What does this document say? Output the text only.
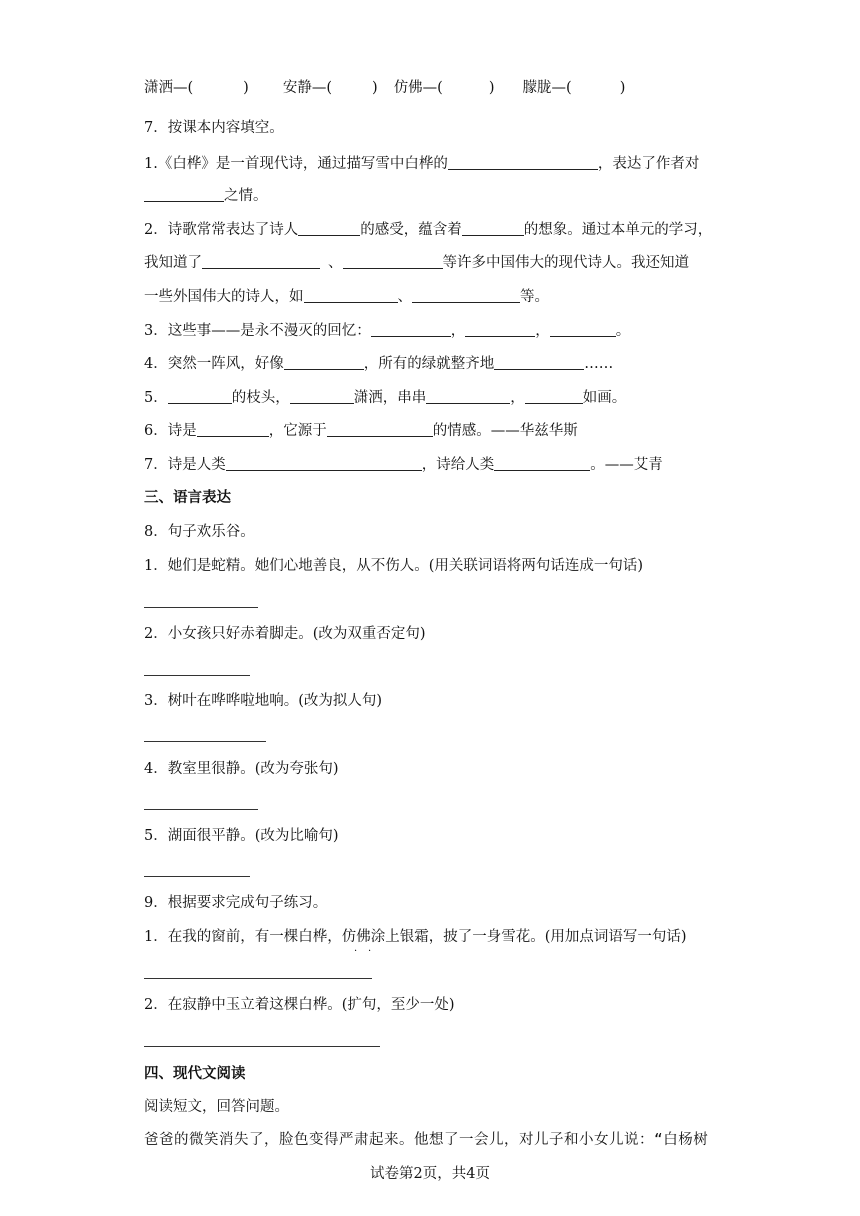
潇洒—(	) 安静—(	) 仿佛—(	) 朦胧—(	)
7．按课本内容填空。
1.《白桦》是一首现代诗，通过描写雪中白桦的	，表达了作者对
之情。
2．诗歌常常表达了诗人	的感受，蕴含着	的想象。通过本单元的学习，
我知道了	、	等许多中国伟大的现代诗人。我还知道
一些外国伟大的诗人，如	、	等。
3．这些事——是永不漫灭的回忆：	，	，	。
4．突然一阵风，好像	，所有的绿就整齐地	……
5．	的枝头，	潇洒，串串	，	如画。
6．诗是	，它源于	的情感。——华兹华斯
7．诗是人类	，诗给人类	。——艾青
三、语言表达
8．句子欢乐谷。
1．她们是蛇精。她们心地善良，从不伤人。(用关联词语将两句话连成一句话)
2．小女孩只好赤着脚走。(改为双重否定句)
3．树叶在哗哗啦地响。(改为拟人句)
4．教室里很静。(改为夸张句)
5．湖面很平静。(改为比喻句)
9．根据要求完成句子练习。
1．在我的窗前，有一棵白桦，仿佛涂上银霜，披了一身雪花。(用加点词语写一句话)
· ·
2．在寂静中玉立着这棵白桦。(扩句，至少一处)
四、现代文阅读
阅读短文，回答问题。
爸爸的微笑消失了，脸色变得严肃起来。他想了一会儿，对儿子和小女儿说：“白杨树
试卷第2页，共4页
